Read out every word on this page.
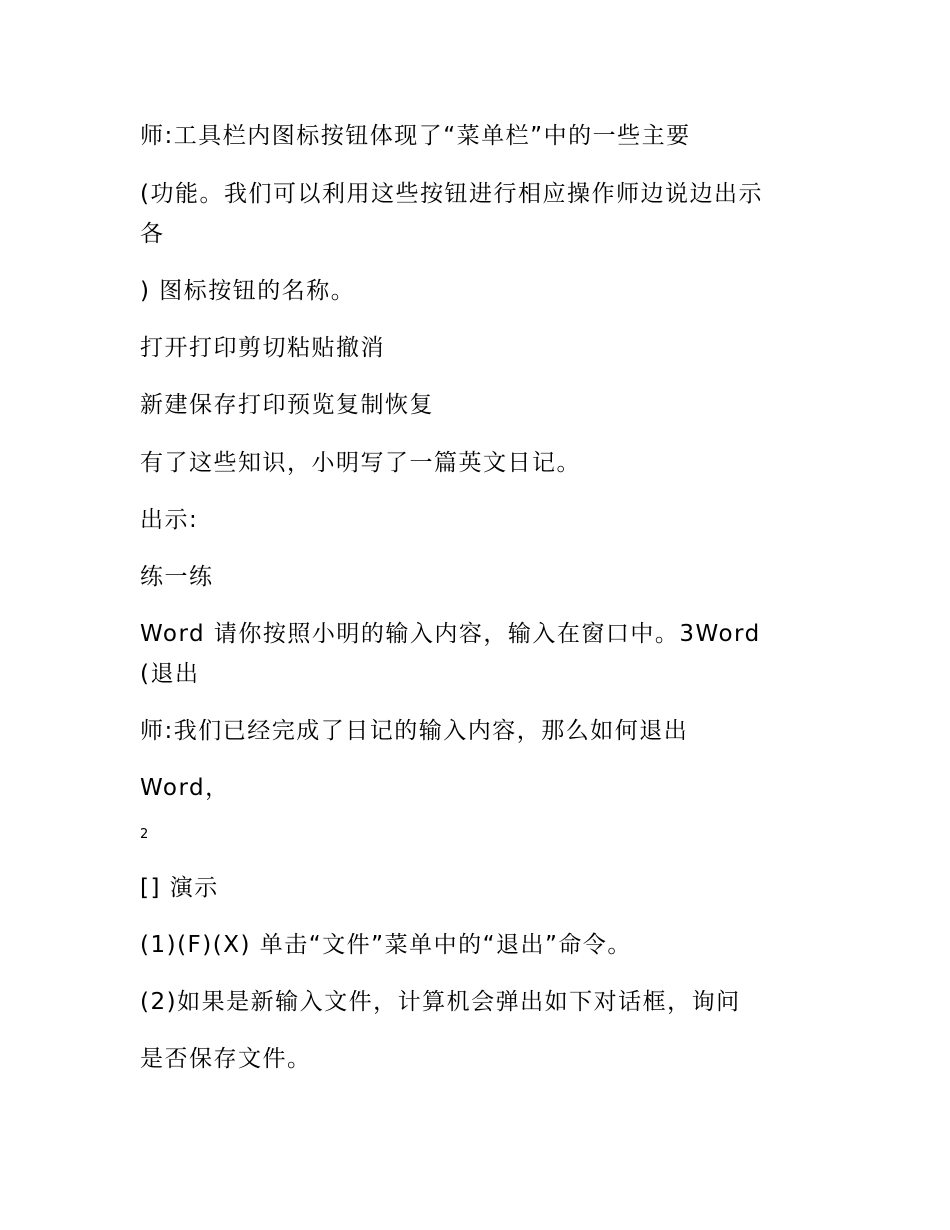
师:工具栏内图标按钮体现了“菜单栏”中的一些主要
(功能。我们可以利用这些按钮进行相应操作师边说边出示
各
) 图标按钮的名称。
打开打印剪切粘贴撤消
新建保存打印预览复制恢复
有了这些知识，小明写了一篇英文日记。
出示:
练一练
Word 请你按照小明的输入内容，输入在窗口中。3Word
(退出
师:我们已经完成了日记的输入内容，那么如何退出
Word，
2
[] 演示
(1)(F)(X) 单击“文件”菜单中的“退出”命令。
(2)如果是新输入文件，计算机会弹出如下对话框，询问
是否保存文件。
